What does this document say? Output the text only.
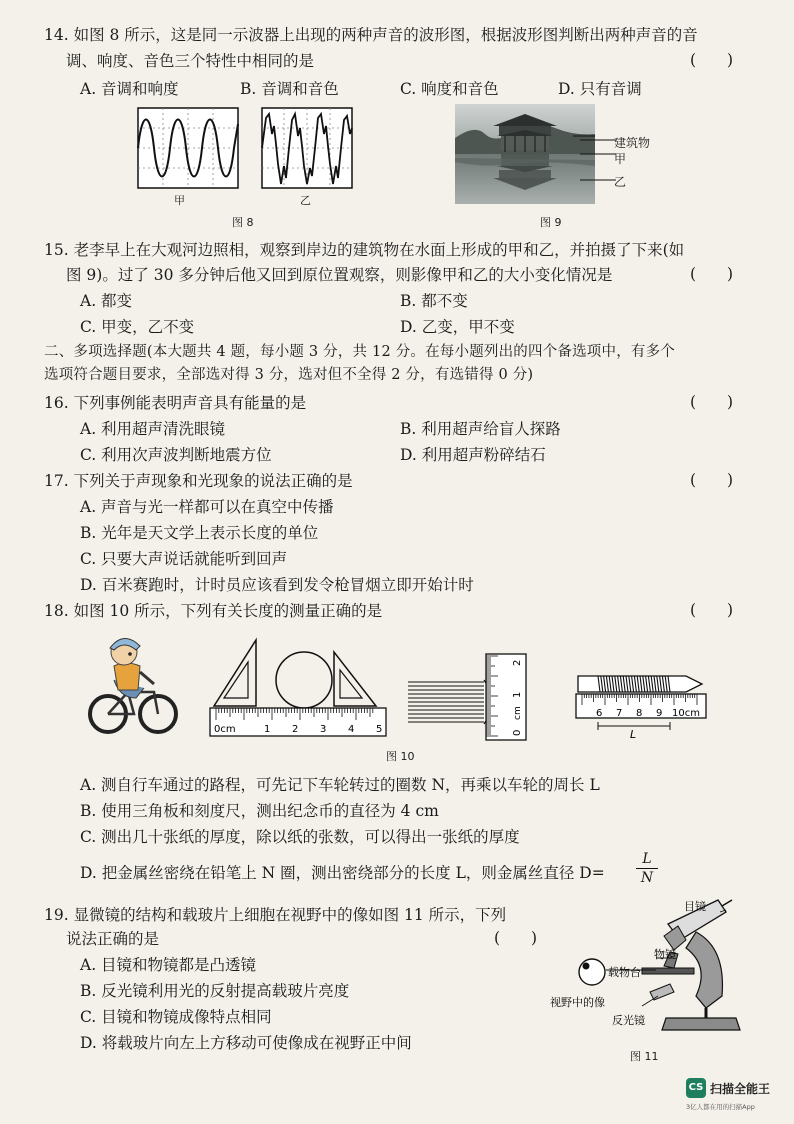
14. 如图 8 所示，这是同一示波器上出现的两种声音的波形图，根据波形图判断出两种声音的音
调、响度、音色三个特性中相同的是	(　　)
A. 音调和响度	B. 音调和音色	C. 响度和音色	D. 只有音调
甲	乙
图 8
建筑物
甲
乙
图 9
15. 老李早上在大观河边照相，观察到岸边的建筑物在水面上形成的甲和乙，并拍摄了下来(如
图 9)。过了 30 多分钟后他又回到原位置观察，则影像甲和乙的大小变化情况是	(　　)
A. 都变	B. 都不变
C. 甲变，乙不变	D. 乙变，甲不变
二、多项选择题(本大题共 4 题，每小题 3 分，共 12 分。在每小题列出的四个备选项中，有多个
选项符合题目要求，全部选对得 3 分，选对但不全得 2 分，有选错得 0 分)
16. 下列事例能表明声音具有能量的是	(　　)
A. 利用超声清洗眼镜	B. 利用超声给盲人探路
C. 利用次声波判断地震方位	D. 利用超声粉碎结石
17. 下列关于声现象和光现象的说法正确的是	(　　)
A. 声音与光一样都可以在真空中传播
B. 光年是天文学上表示长度的单位
C. 只要大声说话就能听到回声
D. 百米赛跑时，计时员应该看到发令枪冒烟立即开始计时
18. 如图 10 所示，下列有关长度的测量正确的是	(　　)
0cm	1 2 3 4 5	0
cm
1
2
6 7 8 9 10cm
L
图 10
A. 测自行车通过的路程，可先记下车轮转过的圈数 N，再乘以车轮的周长 L
B. 使用三角板和刻度尺，测出纪念币的直径为 4 cm
C. 测出几十张纸的厚度，除以纸的张数，可以得出一张纸的厚度
D. 把金属丝密绕在铅笔上 N 圈，测出密绕部分的长度 L，则金属丝直径 $D= \frac{L}{N}$
19. 显微镜的结构和载玻片上细胞在视野中的像如图 11 所示，下列
说法正确的是	(　　)
A. 目镜和物镜都是凸透镜
B. 反光镜利用光的反射提高载玻片亮度
C. 目镜和物镜成像特点相同
D. 将载玻片向左上方移动可使像成在视野正中间
目镜
物镜
载物台
视野中的像
反光镜
图 11
CS 扫描全能王
3亿人都在用的扫描App
